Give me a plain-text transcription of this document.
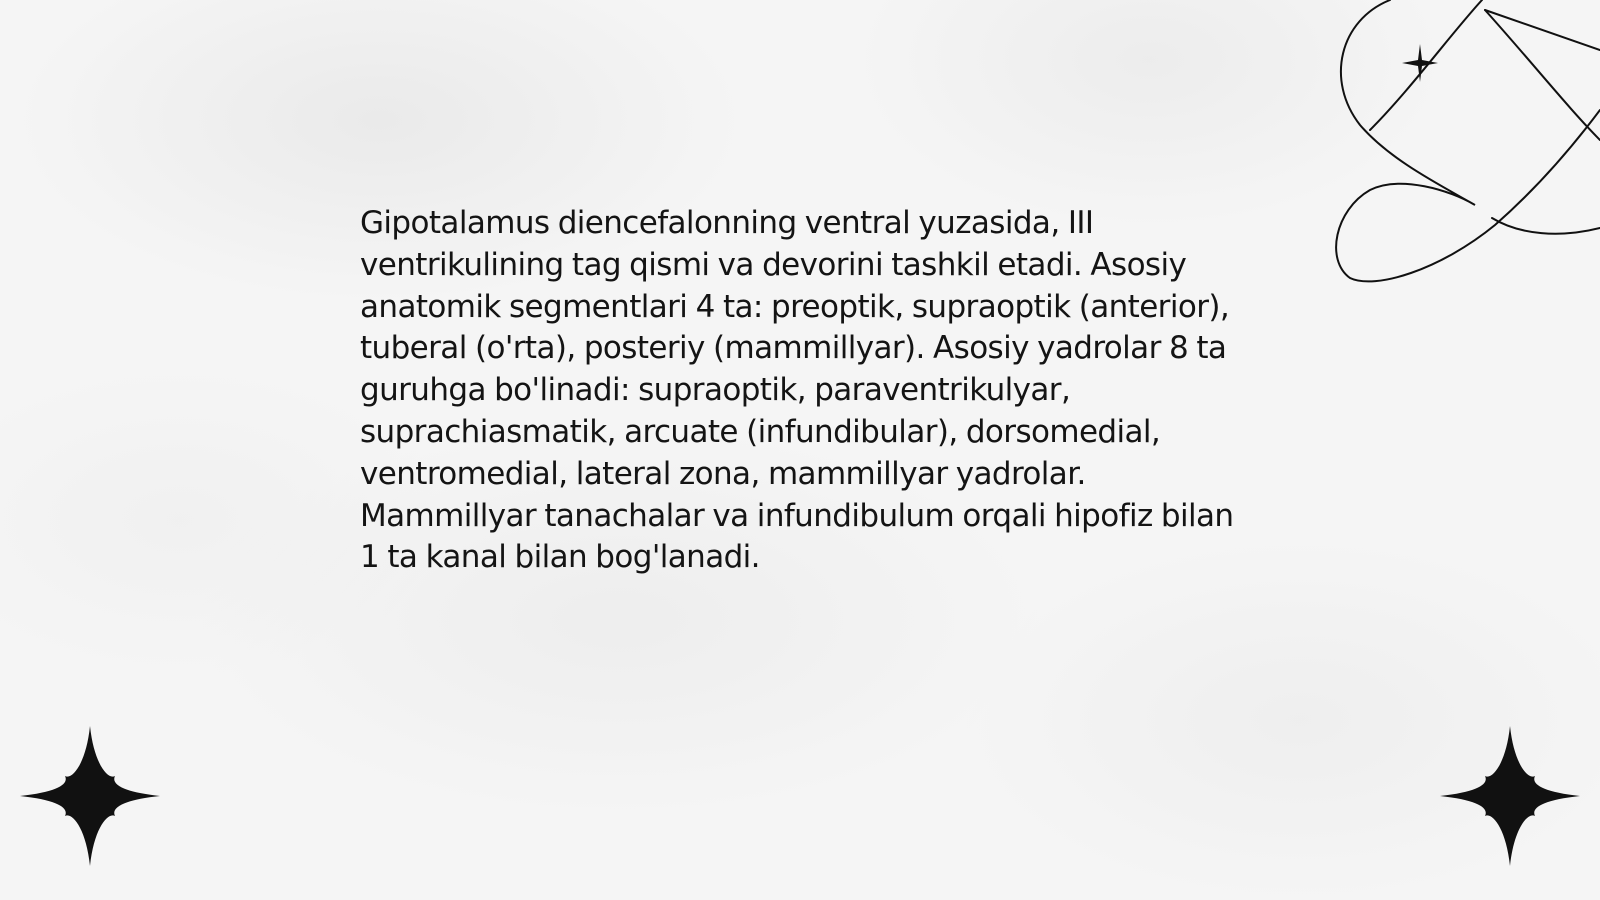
Gipotalamus diencefalonning ventral yuzasida, III ventrikulining tag qismi va devorini tashkil etadi. Asosiy anatomik segmentlari 4 ta: preoptik, supraoptik (anterior), tuberal (o'rta), posteriy (mammillyar). Asosiy yadrolar 8 ta guruhga bo'linadi: supraoptik, paraventrikulyar, suprachiasmatik, arcuate (infundibular), dorsomedial, ventromedial, lateral zona, mammillyar yadrolar. Mammillyar tanachalar va infundibulum orqali hipofiz bilan 1 ta kanal bilan bog'lanadi.
